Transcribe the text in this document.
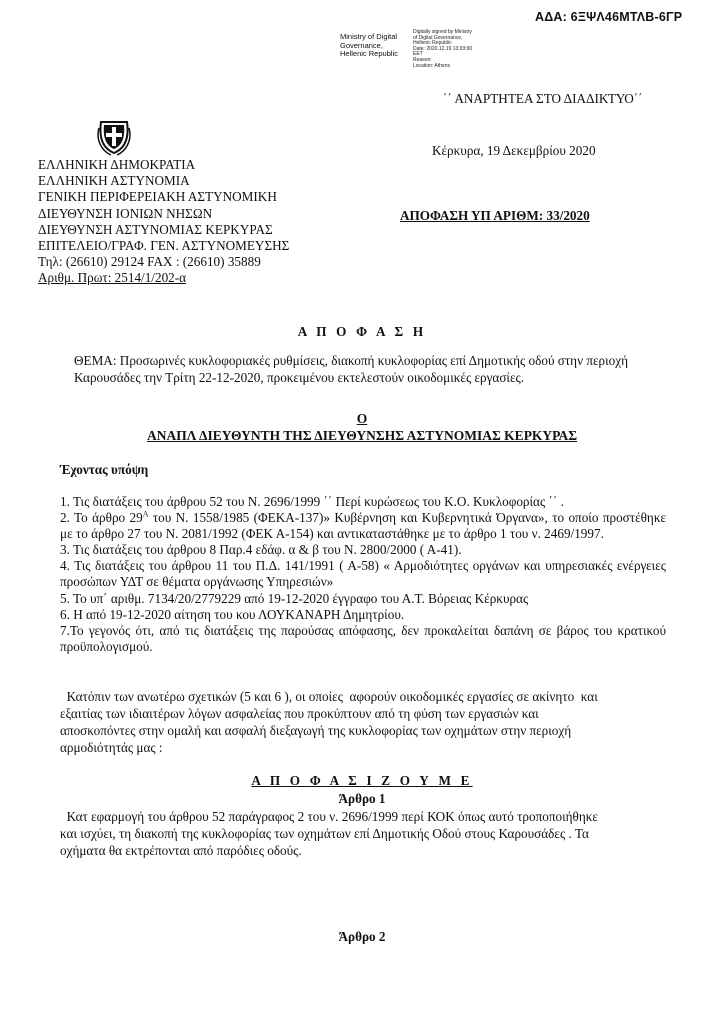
ΑΔΑ: 6ΞΨΛ46ΜΤΛΒ-6ΓΡ
Ministry of Digital
Governance,
Hellenic Republic
Digitally signed by Ministry
of Digital Governance,
Hellenic Republic
Date: 2020.12.19 13:03:00
EET
Reason:
Location: Athens
΄΄ ΑΝΑΡΤΗΤΕΑ ΣΤΟ ΔΙΑΔΙΚΤΥΟ΄΄
Κέρκυρα, 19 Δεκεμβρίου 2020
ΕΛΛΗΝΙΚΗ ΔΗΜΟΚΡΑΤΙΑ
ΕΛΛΗΝΙΚΗ ΑΣΤΥΝΟΜΙΑ
ΓΕΝΙΚΗ ΠΕΡΙΦΕΡΕΙΑΚΗ ΑΣΤΥΝΟΜΙΚΗ
ΔΙΕΥΘΥΝΣΗ ΙΟΝΙΩΝ ΝΗΣΩΝ
ΔΙΕΥΘΥΝΣΗ ΑΣΤΥΝΟΜΙΑΣ ΚΕΡΚΥΡΑΣ
ΕΠΙΤΕΛΕΙΟ/ΓΡΑΦ. ΓΕΝ. ΑΣΤΥΝΟΜΕΥΣΗΣ
Τηλ: (26610) 29124 FAX : (26610) 35889
Αριθμ. Πρωτ: 2514/1/202-α
ΑΠΟΦΑΣΗ ΥΠ ΑΡΙΘΜ: 33/2020
Α Π Ο Φ Α Σ Η
ΘΕΜΑ: Προσωρινές κυκλοφοριακές ρυθμίσεις, διακοπή κυκλοφορίας επί Δημοτικής οδού στην περιοχή Καρουσάδες την Τρίτη 22-12-2020, προκειμένου εκτελεστούν οικοδομικές εργασίες.
Ο
ΑΝΑΠΛ ΔΙΕΥΘΥΝΤΗ ΤΗΣ ΔΙΕΥΘΥΝΣΗΣ ΑΣΤΥΝΟΜΙΑΣ ΚΕΡΚΥΡΑΣ
Έχοντας υπόψη

1. Τις διατάξεις του άρθρου 52 του Ν. 2696/1999 ΄΄ Περί κυρώσεως του Κ.Ο. Κυκλοφορίας ΄΄ .

2. Το άρθρο $29^A$ του Ν. 1558/1985 (ΦΕΚΑ-137)» Κυβέρνηση και Κυβερνητικά Όργανα», το οποίο προστέθηκε με το άρθρο 27 του Ν. 2081/1992 (ΦΕΚ Α-154) και αντικαταστάθηκε με το άρθρο 1 του ν. 2469/1997.

3. Τις διατάξεις του άρθρου 8 Παρ.4 εδάφ. α & β του Ν. 2800/2000 ( Α-41).

4. Τις διατάξεις του άρθρου 11 του Π.Δ. 141/1991 ( Α-58) « Αρμοδιότητες οργάνων και υπηρεσιακές ενέργειες προσώπων ΥΔΤ σε θέματα οργάνωσης Υπηρεσιών»

5. Το υπ΄ αριθμ. 7134/20/2779229 από 19-12-2020 έγγραφο του Α.Τ. Βόρειας Κέρκυρας

6. Η από 19-12-2020 αίτηση του κου ΛΟΥΚΑΝΑΡΗ Δημητρίου.

7.Το γεγονός ότι, από τις διατάξεις της παρούσας απόφασης, δεν προκαλείται δαπάνη σε βάρος του κρατικού προϋπολογισμού.

Κατόπιν των ανωτέρω σχετικών (5 και 6 ), οι οποίες  αφορούν οικοδομικές εργασίες σε ακίνητο  και
εξαιτίας των ιδιαιτέρων λόγων ασφαλείας που προκύπτουν από τη φύση των εργασιών και
αποσκοπόντες στην ομαλή και ασφαλή διεξαγωγή της κυκλοφορίας των οχημάτων στην περιοχή
αρμοδιότητάς μας :
Α Π Ο Φ Α Σ Ι Ζ Ο Υ Μ Ε
Άρθρο 1
Κατ εφαρμογή του άρθρου 52 παράγραφος 2 του ν. 2696/1999 περί ΚΟΚ όπως αυτό τροποποιήθηκε
και ισχύει, τη διακοπή της κυκλοφορίας των οχημάτων επί Δημοτικής Οδού στους Καρουσάδες . Τα
οχήματα θα εκτρέπονται από παρόδιες οδούς.
Άρθρο 2
